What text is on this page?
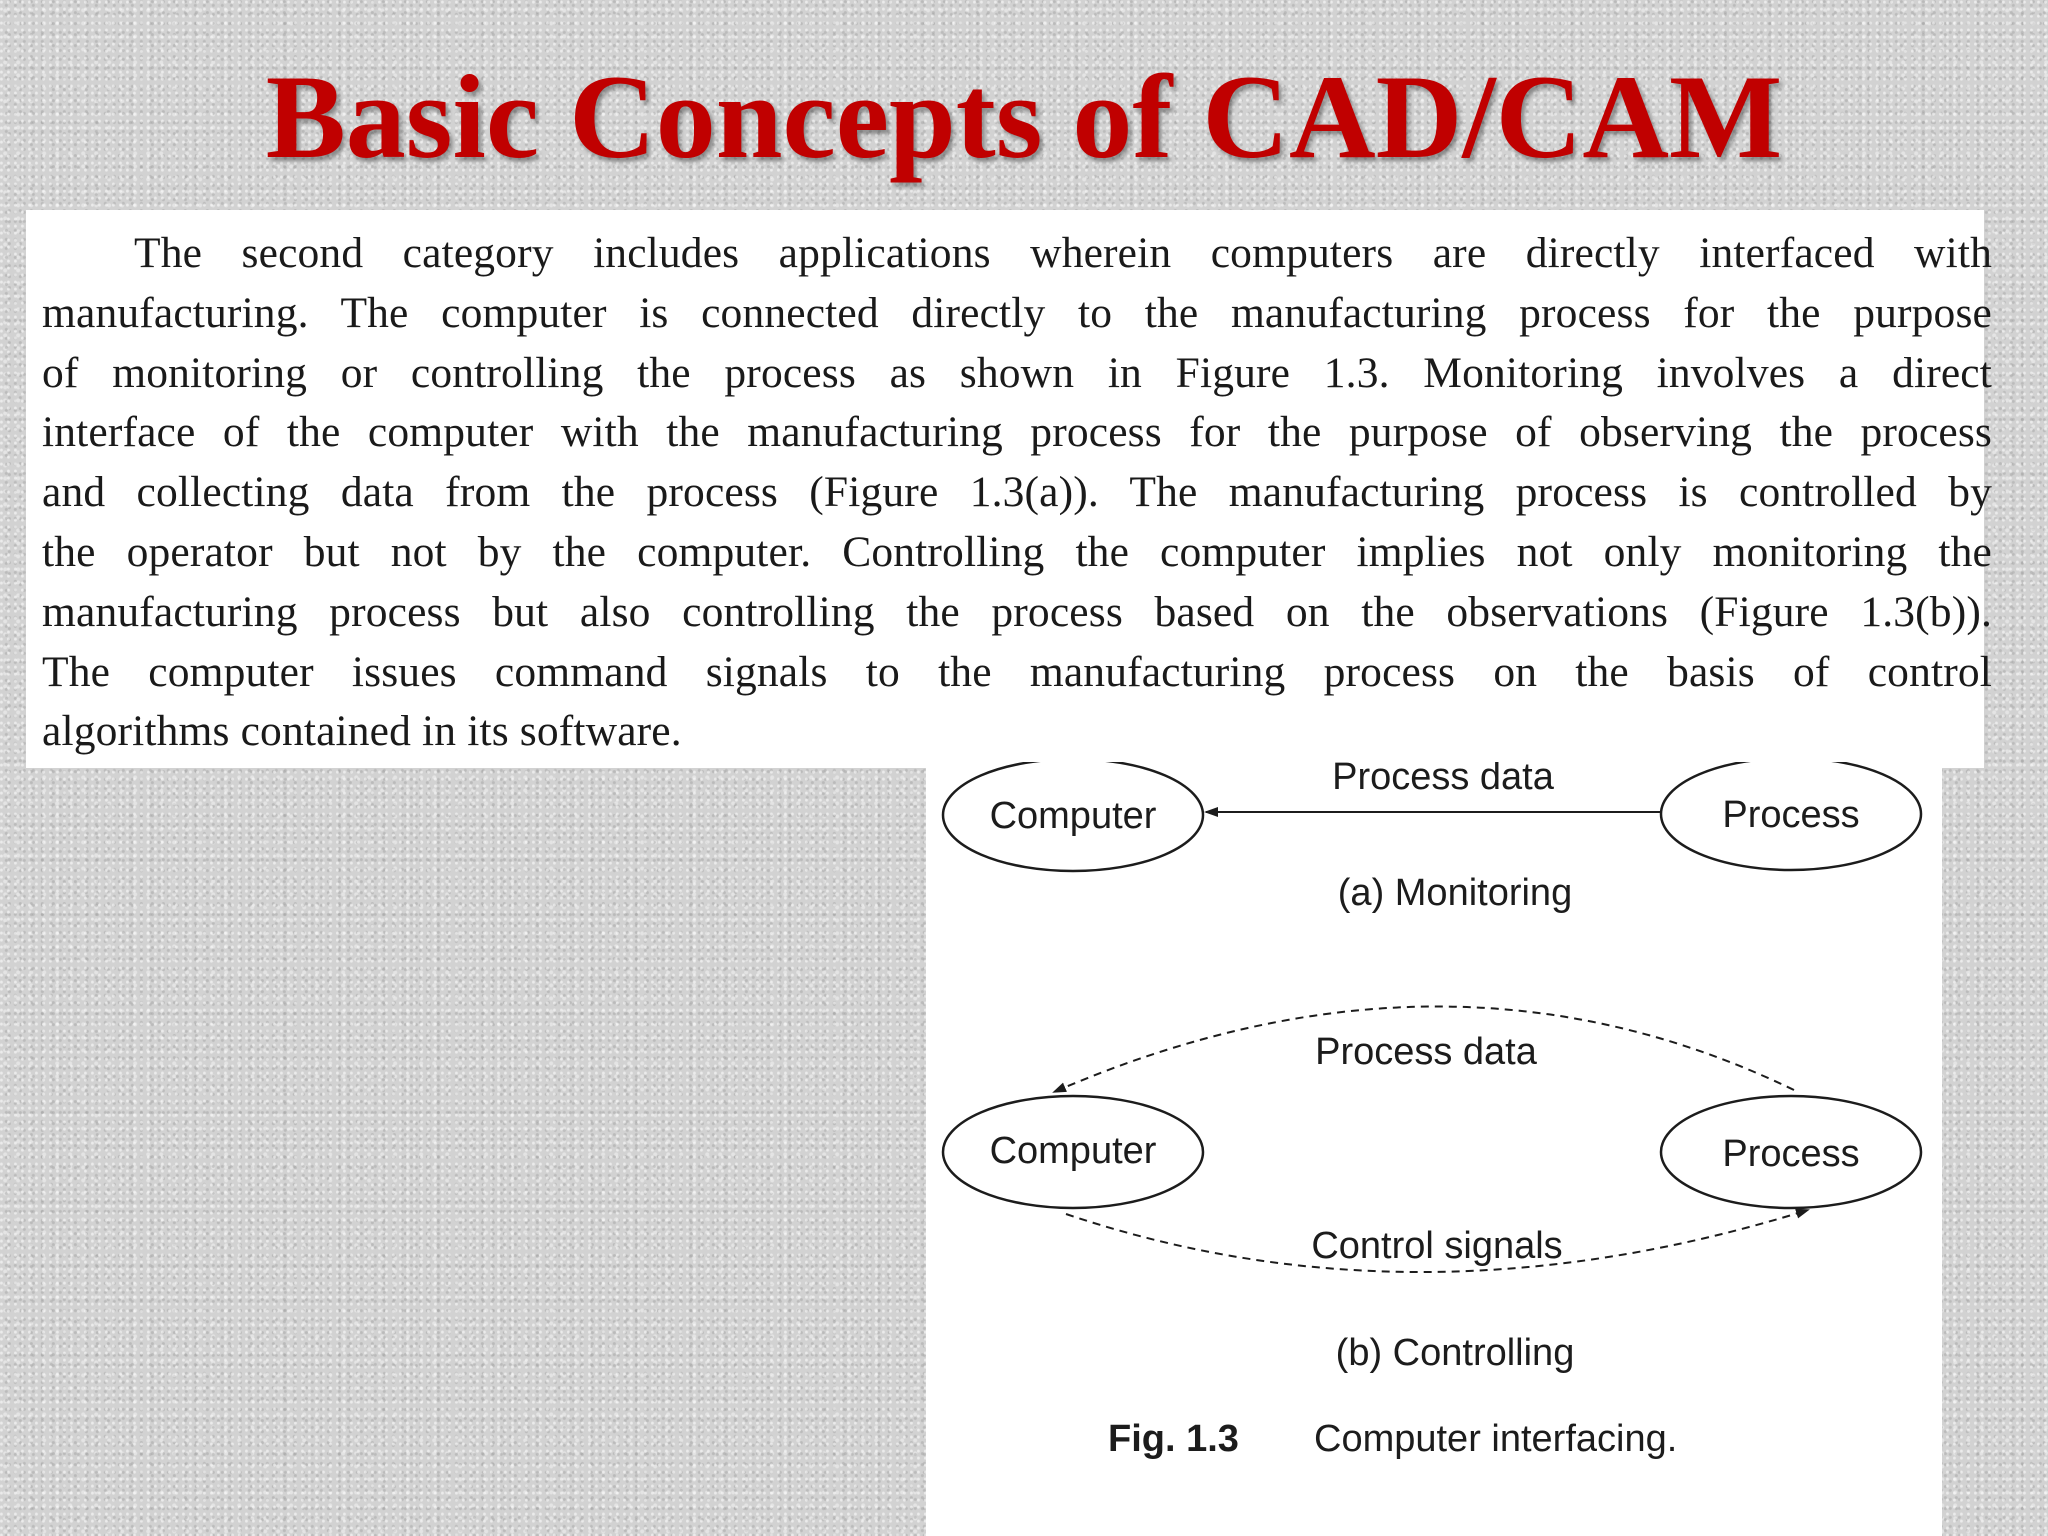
Basic Concepts of CAD/CAM

The second category includes applications wherein computers are directly interfaced with
manufacturing. The computer is connected directly to the manufacturing process for the purpose
of monitoring or controlling the process as shown in Figure 1.3. Monitoring involves a direct
interface of the computer with the manufacturing process for the purpose of observing the process
and collecting data from the process (Figure 1.3(a)). The manufacturing process is controlled by
the operator but not by the computer. Controlling the computer implies not only monitoring the
manufacturing process but also controlling the process based on the observations (Figure 1.3(b)).
The computer issues command signals to the manufacturing process on the basis of control
algorithms contained in its software.

Computer	Process
Process data
(a) Monitoring
Process data
Computer	Process
Control signals
(b) Controlling
Fig. 1.3 Computer interfacing.
